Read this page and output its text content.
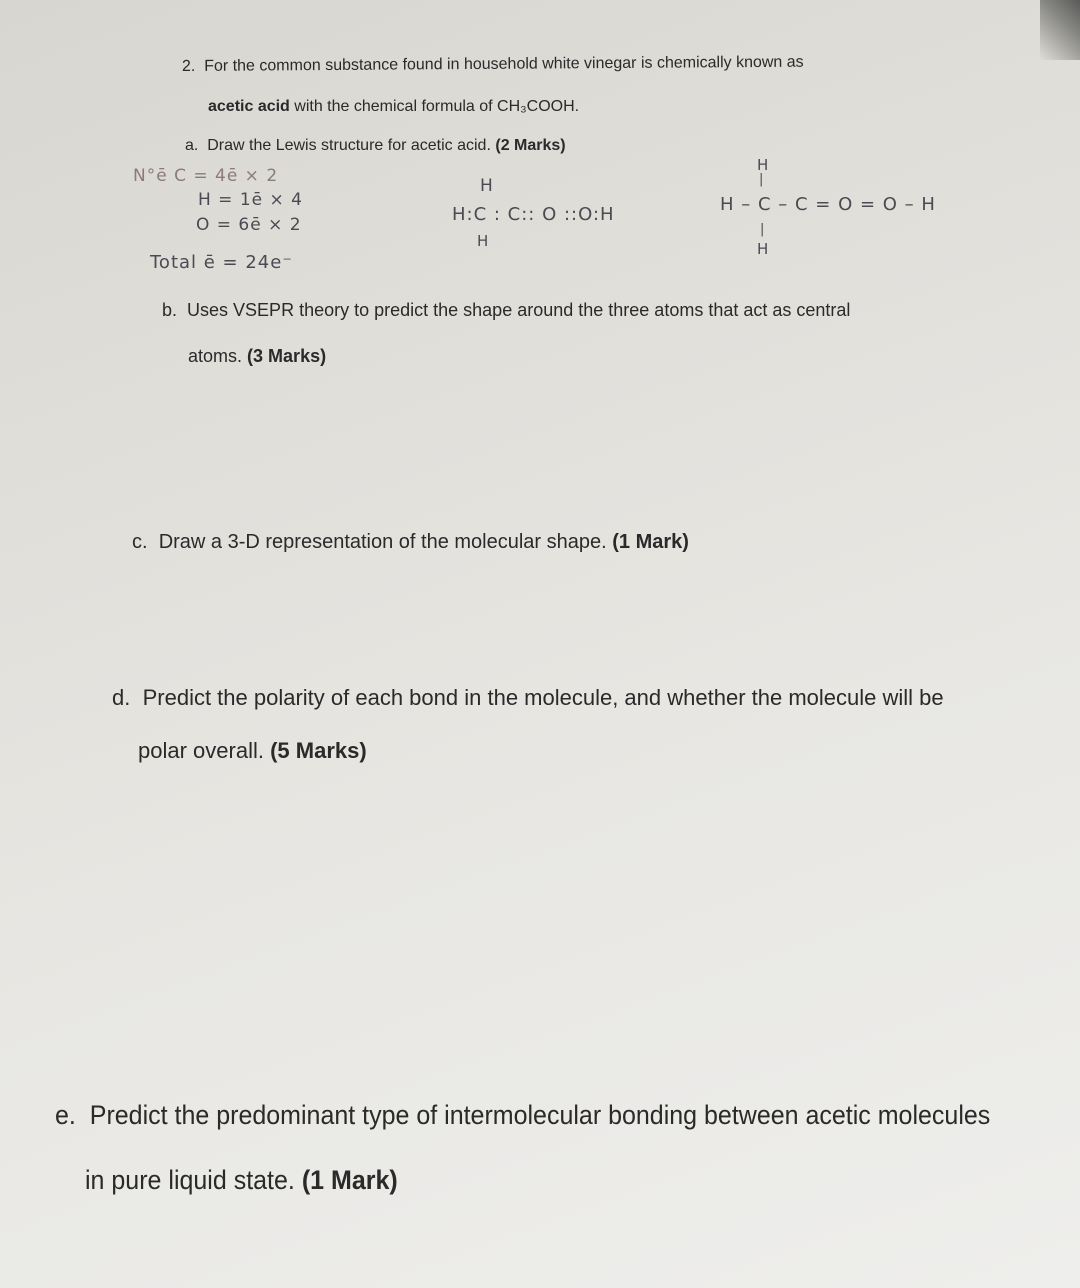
2. For the common substance found in household white vinegar is chemically known as
acetic acid with the chemical formula of CH₃COOH.
a. Draw the Lewis structure for acetic acid. (2 Marks)
N°ē C = 4ē × 2
H = 1ē × 4
O = 6ē × 2
Total ē = 24e⁻
H
H:C : C:: O ::O:H
H
H
|
H – C – C = O = O – H
|
H
b. Uses VSEPR theory to predict the shape around the three atoms that act as central
atoms. (3 Marks)
c. Draw a 3-D representation of the molecular shape. (1 Mark)
d. Predict the polarity of each bond in the molecule, and whether the molecule will be
polar overall. (5 Marks)
e. Predict the predominant type of intermolecular bonding between acetic molecules
in pure liquid state. (1 Mark)
